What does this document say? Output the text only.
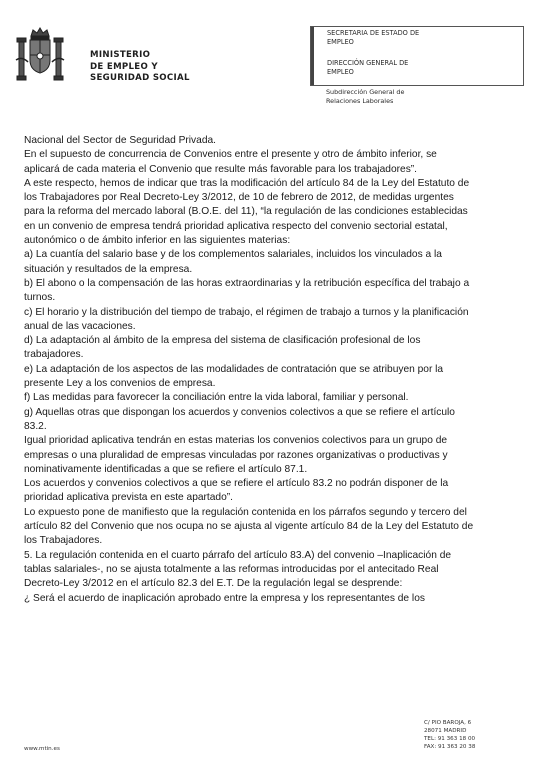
MINISTERIO
DE EMPLEO Y
SEGURIDAD SOCIAL
SECRETARIA DE ESTADO DE
EMPLEO
DIRECCIÓN GENERAL DE
EMPLEO
Subdirección General de
Relaciones Laborales
Nacional del Sector de Seguridad Privada.
En el supuesto de concurrencia de Convenios entre el presente y otro de ámbito inferior, se
aplicará de cada materia el Convenio que resulte más favorable para los trabajadores”.
A este respecto, hemos de indicar que tras la modificación del artículo 84 de la Ley del Estatuto de
los Trabajadores por Real Decreto-Ley 3/2012, de 10 de febrero de 2012, de medidas urgentes
para la reforma del mercado laboral (B.O.E. del 11), “la regulación de las condiciones establecidas
en un convenio de empresa tendrá prioridad aplicativa respecto del convenio sectorial estatal,
autonómico o de ámbito inferior en las siguientes materias:
a) La cuantía del salario base y de los complementos salariales, incluidos los vinculados a la
situación y resultados de la empresa.
b) El abono o la compensación de las horas extraordinarias y la retribución específica del trabajo a
turnos.
c) El horario y la distribución del tiempo de trabajo, el régimen de trabajo a turnos y la planificación
anual de las vacaciones.
d) La adaptación al ámbito de la empresa del sistema de clasificación profesional de los
trabajadores.
e) La adaptación de los aspectos de las modalidades de contratación que se atribuyen por la
presente Ley a los convenios de empresa.
f) Las medidas para favorecer la conciliación entre la vida laboral, familiar y personal.
g) Aquellas otras que dispongan los acuerdos y convenios colectivos a que se refiere el artículo
83.2.
Igual prioridad aplicativa tendrán en estas materias los convenios colectivos para un grupo de
empresas o una pluralidad de empresas vinculadas por razones organizativas o productivas y
nominativamente identificadas a que se refiere el artículo 87.1.
Los acuerdos y convenios colectivos a que se refiere el artículo 83.2 no podrán disponer de la
prioridad aplicativa prevista en este apartado”.
Lo expuesto pone de manifiesto que la regulación contenida en los párrafos segundo y tercero del
artículo 82 del Convenio que nos ocupa no se ajusta al vigente artículo 84 de la Ley del Estatuto de
los Trabajadores.
5. La regulación contenida en el cuarto párrafo del artículo 83.A) del convenio –Inaplicación de
tablas salariales-, no se ajusta totalmente a las reformas introducidas por el antecitado Real
Decreto-Ley 3/2012 en el artículo 82.3 del E.T. De la regulación legal se desprende:
¿ Será el acuerdo de inaplicación aprobado entre la empresa y los representantes de los
C/ PIO BAROJA, 6
28071 MADRID
TEL: 91 363 18 00
FAX: 91 363 20 38
www.mtin.es
